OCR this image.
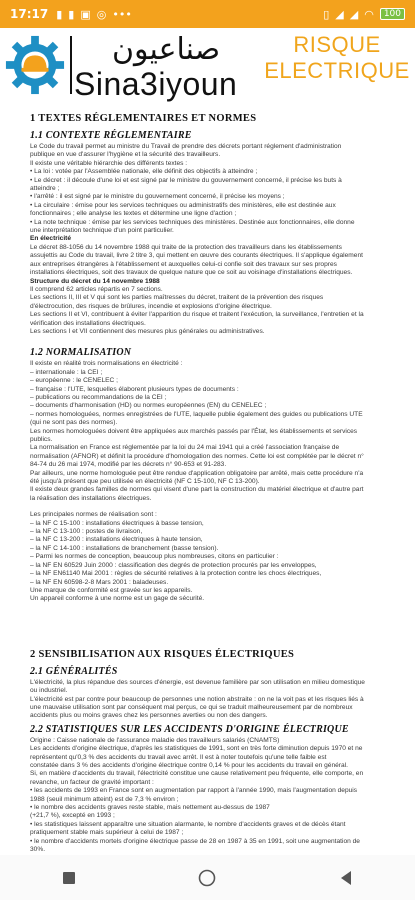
17:17 ▮ ▮ ▣ ◎ •••	▯ ◢ ◢ ◠ 100
صناعيون
Sina3iyoun
RISQUE
ELECTRIQUE
1 TEXTES RÉGLEMENTAIRES ET NORMES
1.1 CONTEXTE RÉGLEMENTAIRE
Le Code du travail permet au ministre du Travail de prendre des décrets portant réglement d'administration
publique en vue d'assurer l'hygiène et la sécurité des travailleurs.
Il existe une véritable hiérarchie des différents textes :
• La loi : votée par l'Assemblée nationale, elle définit des objectifs à atteindre ;
• Le décret : il découle d'une loi et est signé par le ministre du gouvernement concerné, il précise les buts à
atteindre ;
• l'arrêté : il est signé par le ministre du gouvernement concerné, il précise les moyens ;
• La circulaire : émise pour les services techniques ou administratifs des ministères, elle est destinée aux
fonctionnaires ; elle analyse les textes et détermine une ligne d'action ;
• La note technique : émise par les services techniques des ministères. Destinée aux fonctionnaires, elle donne
une interprétation technique d'un point particulier.
En électricité
Le décret 88-1056 du 14 novembre 1988 qui traite de la protection des travailleurs dans les établissements
assujettis au Code du travail, livre 2 titre 3, qui mettent en œuvre des courants électriques. Il s'applique également
aux entreprises étrangères à l'établissement et auxquelles celui-ci confie soit des travaux sur ses propres
installations électriques, soit des travaux de quelque nature que ce soit au voisinage d'installations électriques.
Structure du décret du 14 novembre 1988
Il comprend 62 articles répartis en 7 sections.
Les sections II, III et V qui sont les parties maîtresses du décret, traitent de la prévention des risques
d'électrocution, des risques de brûlures, incendie et explosions d'origine électrique.
Les sections II et VI, contribuent à éviter l'apparition du risque et traitent l'exécution, la surveillance, l'entretien et la
vérification des installations électriques.
Les sections I et VII contiennent des mesures plus générales ou administratives.
1.2 NORMALISATION
Il existe en réalité trois normalisations en électricité :
– internationale : la CEI ;
– européenne : le CENELEC ;
– française : l'UTE, lesquelles élaborent plusieurs types de documents :
– publications ou recommandations de la CEI ;
– documents d'harmonisation (HD) ou normes européennes (EN) du CENELEC ;
– normes homologuées, normes enregistrées de l'UTE, laquelle publie également des guides ou publications UTE
(qui ne sont pas des normes).
Les normes homologuées doivent être appliquées aux marchés passés par l'État, les établissements et services
publics.
La normalisation en France est réglementée par la loi du 24 mai 1941 qui a créé l'association française de
normalisation (AFNOR) et définit la procédure d'homologation des normes. Cette loi est complétée par le décret n°
84-74 du 26 mai 1974, modifié par les décrets n° 90-653 et 91-283.
Par ailleurs, une norme homologuée peut être rendue d'application obligatoire par arrêté, mais cette procédure n'a
été jusqu'à présent que peu utilisée en électricité (NF C 15-100, NF C 13-200).
Il existe deux grandes familles de normes qui visent d'une part la construction du matériel électrique et d'autre part
la réalisation des installations électriques.
Les principales normes de réalisation sont :
– la NF C 15-100 : installations électriques à basse tension,
– la NF C 13-100 : postes de livraison,
– la NF C 13-200 : installations électriques à haute tension,
– la NF C 14-100 : installations de branchement (basse tension).
– Parmi les normes de conception, beaucoup plus nombreuses, citons en particulier :
– la NF EN 60529 Juin 2000 : classification des degrés de protection procurés par les enveloppes,
– la NF EN61140 Mai 2001 : règles de sécurité relatives à la protection contre les chocs électriques,
– la NF EN 60598-2-8 Mars 2001 : baladeuses.
Une marque de conformité est gravée sur les appareils.
Un appareil conforme à une norme est un gage de sécurité.
2 SENSIBILISATION AUX RISQUES ÉLECTRIQUES
2.1 GÉNÉRALITÉS
L'électricité, la plus répandue des sources d'énergie, est devenue familière par son utilisation en milieu domestique
ou industriel.
L'électricité est par contre pour beaucoup de personnes une notion abstraite : on ne la voit pas et les risques liés à
une mauvaise utilisation sont par conséquent mal perçus, ce qui se traduit malheureusement par de nombreux
accidents plus ou moins graves chez les personnes averties ou non des dangers.
2.2 STATISTIQUES SUR LES ACCIDENTS D'ORIGINE ÉLECTRIQUE
Origine : Caisse nationale de l'assurance maladie des travailleurs salariés (CNAMTS)
Les accidents d'origine électrique, d'après les statistiques de 1991, sont en très forte diminution depuis 1970 et ne
représentent qu'0,3 % des accidents du travail avec arrêt. Il est à noter toutefois qu'une telle faible est
constatée dans 3 % des accidents d'origine électrique contre 0,14 % pour les accidents du travail en général.
Si, en matière d'accidents du travail, l'électricité constitue une cause relativement peu fréquente, elle comporte, en
revanche, un facteur de gravité important :
• les accidents de 1993 en France sont en augmentation par rapport à l'année 1990, mais l'augmentation depuis
1988 (seuil minimum atteint) est de 7,3 % environ ;
• le nombre des accidents graves reste stable, mais nettement au-dessus de 1987
(+21,7 %), excepté en 1993 ;
• les statistiques laissent apparaître une situation alarmante, le nombre d'accidents graves et de décès étant
pratiquement stable mais supérieur à celui de 1987 ;
• le nombre d'accidents mortels d'origine électrique passe de 28 en 1987 à 35 en 1991, soit une augmentation de
30%.
